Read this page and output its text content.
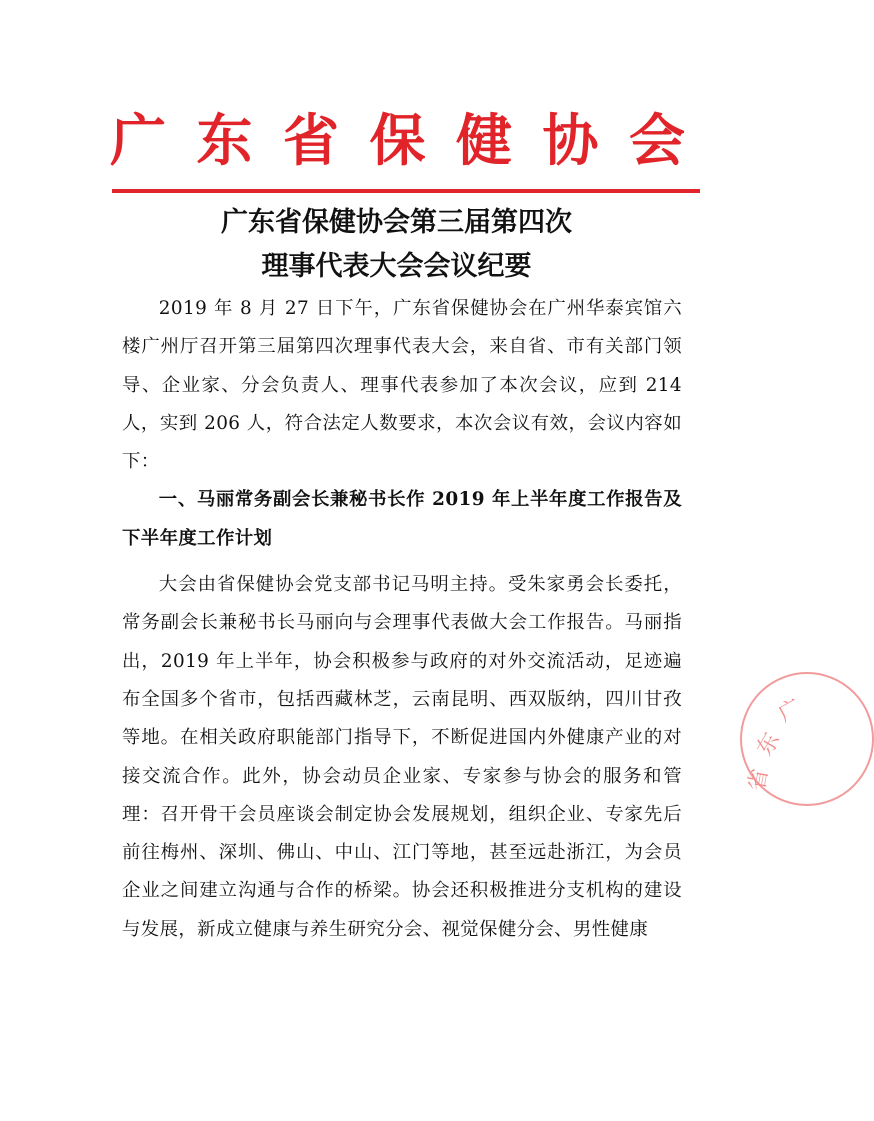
广 东 省 保 健 协 会
广东省保健协会第三届第四次
理事代表大会会议纪要

2019 年 8 月 27 日下午，广东省保健协会在广州华泰宾馆六楼广州厅召开第三届第四次理事代表大会，来自省、市有关部门领导、企业家、分会负责人、理事代表参加了本次会议，应到 214 人，实到 206 人，符合法定人数要求，本次会议有效，会议内容如下：

一、马丽常务副会长兼秘书长作 2019 年上半年度工作报告及下半年度工作计划

大会由省保健协会党支部书记马明主持。受朱家勇会长委托，常务副会长兼秘书长马丽向与会理事代表做大会工作报告。马丽指出，2019 年上半年，协会积极参与政府的对外交流活动，足迹遍布全国多个省市，包括西藏林芝，云南昆明、西双版纳，四川甘孜等地。在相关政府职能部门指导下，不断促进国内外健康产业的对接交流合作。此外，协会动员企业家、专家参与协会的服务和管理：召开骨干会员座谈会制定协会发展规划，组织企业、专家先后前往梅州、深圳、佛山、中山、江门等地，甚至远赴浙江，为会员企业之间建立沟通与合作的桥梁。协会还积极推进分支机构的建设与发展，新成立健康与养生研究分会、视觉保健分会、男性健康

广
东
省
